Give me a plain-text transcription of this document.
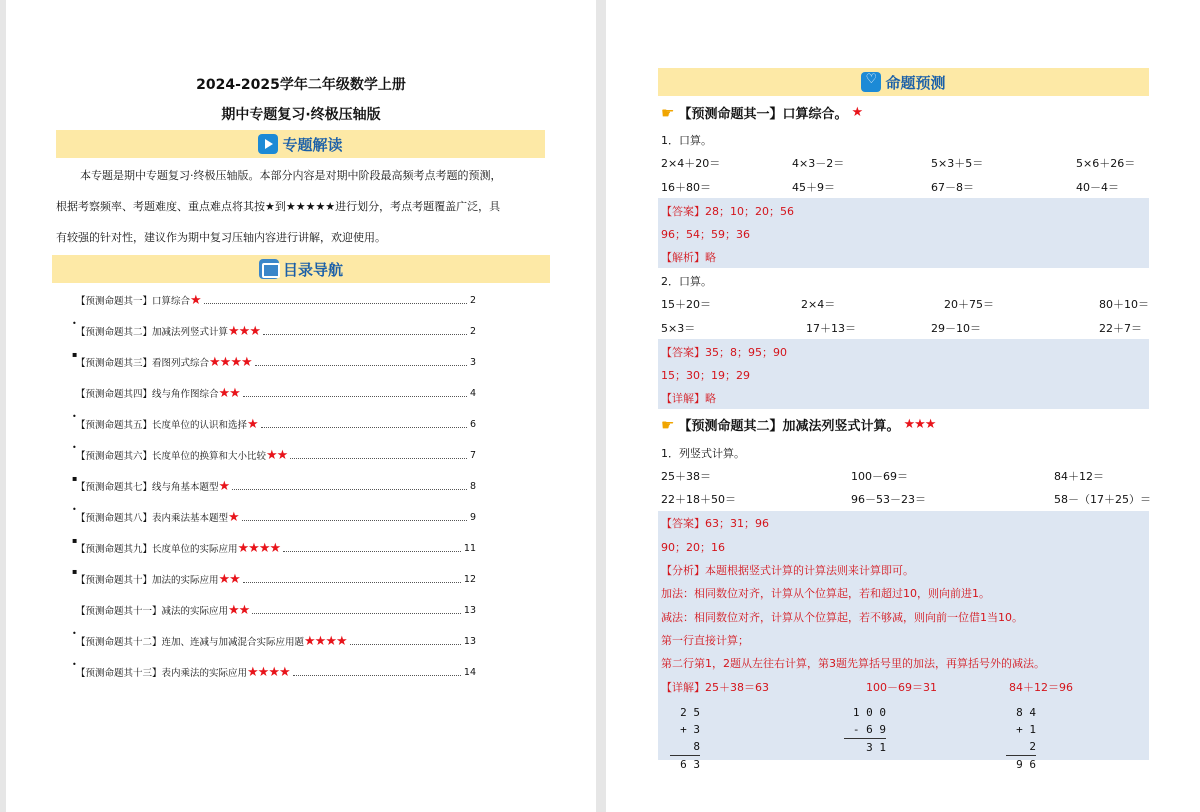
2024-2025学年二年级数学上册
期中专题复习·终极压轴版
专题解读

本专题是期中专题复习·终极压轴版。本部分内容是对期中阶段最高频考点考题的预测，

根据考察频率、考题难度、重点难点将其按★到★★★★★进行划分，考点考题覆盖广泛，具

有较强的针对性，建议作为期中复习压轴内容进行讲解，欢迎使用。

目录导航
【预测命题其一】口算综合 ★	2
•
【预测命题其二】加减法列竖式计算 ★★★	2
▪
【预测命题其三】看图列式综合 ★★★★	3
【预测命题其四】线与角作图综合 ★★	4
•
【预测命题其五】长度单位的认识和选择 ★	6
•
【预测命题其六】长度单位的换算和大小比较 ★★	7
▪
【预测命题其七】线与角基本题型 ★	8
•
【预测命题其八】表内乘法基本题型 ★	9
▪
【预测命题其九】长度单位的实际应用 ★★★★	11
▪
【预测命题其十】加法的实际应用 ★★	12
【预测命题其十一】减法的实际应用 ★★	13
•
【预测命题其十二】连加、连减与加减混合实际应用题 ★★★★	13
•
【预测命题其十三】表内乘法的实际应用 ★★★★	14
♡
命题预测
☛ 【预测命题其一】口算综合。 ★
1．口算。
2×4＋20＝	4×3－2＝	5×3＋5＝	5×6＋26＝
16＋80＝	45＋9＝	67－8＝	40－4＝
【答案】28；10；20；56
96；54；59；36
【解析】略
2．口算。
15＋20＝	2×4＝	20＋75＝	80＋10＝
5×3＝	17＋13＝	29－10＝	22＋7＝
【答案】35；8；95；90
15；30；19；29
【详解】略
☛ 【预测命题其二】加减法列竖式计算。 ★★★
1．列竖式计算。
25＋38＝	100－69＝	84＋12＝
22＋18＋50＝	96－53－23＝	58－（17＋25）＝
【答案】63；31；96
90；20；16
【分析】本题根据竖式计算的计算法则来计算即可。
加法：相同数位对齐，计算从个位算起，若和超过10，则向前进1。
减法：相同数位对齐，计算从个位算起，若不够减，则向前一位借1当10。
第一行直接计算；
第二行第1，2题从左往右计算，第3题先算括号里的加法，再算括号外的减法。
【详解】25＋38＝63	100－69＝31	84＋12＝96
2 5
+ 3 8
6 3
1 0 0
- 6 9
3 1
8 4
+ 1 2
9 6
